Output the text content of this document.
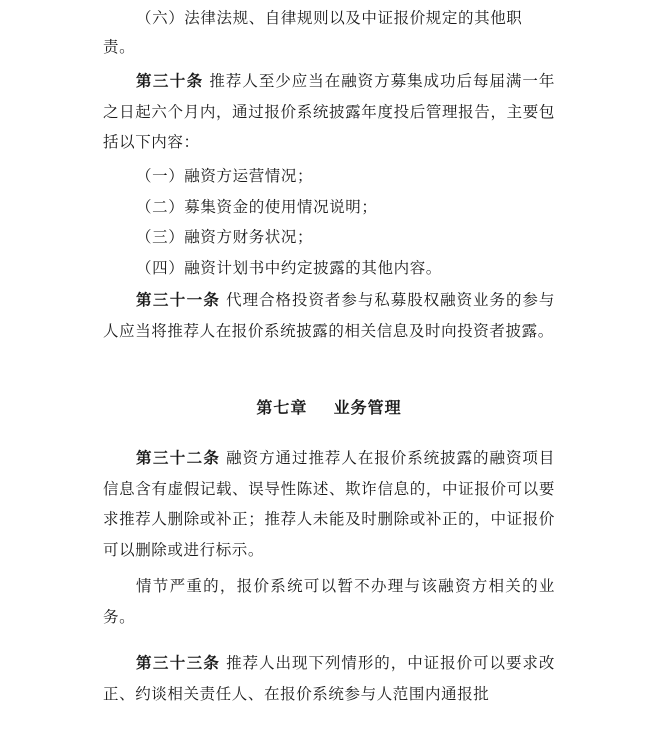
（六）法律法规、自律规则以及中证报价规定的其他职

责。

第三十条 推荐人至少应当在融资方募集成功后每届满一年之日起六个月内，通过报价系统披露年度投后管理报告，主要包括以下内容：

（一）融资方运营情况；

（二）募集资金的使用情况说明；

（三）融资方财务状况；

（四）融资计划书中约定披露的其他内容。

第三十一条 代理合格投资者参与私募股权融资业务的参与人应当将推荐人在报价系统披露的相关信息及时向投资者披露。

第七章    业务管理

第三十二条 融资方通过推荐人在报价系统披露的融资项目信息含有虚假记载、误导性陈述、欺诈信息的，中证报价可以要求推荐人删除或补正；推荐人未能及时删除或补正的，中证报价可以删除或进行标示。

情节严重的，报价系统可以暂不办理与该融资方相关的业务。

第三十三条 推荐人出现下列情形的，中证报价可以要求改正、约谈相关责任人、在报价系统参与人范围内通报批
